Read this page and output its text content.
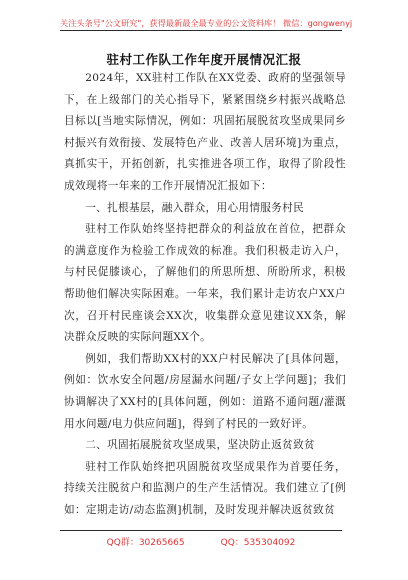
关注头条号"公文研究"，获得最新最全最专业的公文资料库！ 微信：gongwenyj
驻村工作队工作年度开展情况汇报

2024年，XX驻村工作队在XX党委、政府的坚强领导下，在上级部门的关心指导下，紧紧围绕乡村振兴战略总目标以[当地实际情况，例如：巩固拓展脱贫攻坚成果同乡村振兴有效衔接、发展特色产业、改善人居环境]为重点，真抓实干，开拓创新，扎实推进各项工作，取得了阶段性成效现将一年来的工作开展情况汇报如下：

一、扎根基层，融入群众，用心用情服务村民

驻村工作队始终坚持把群众的利益放在首位，把群众的满意度作为检验工作成效的标准。我们积极走访入户，与村民促膝谈心，了解他们的所思所想、所盼所求，积极帮助他们解决实际困难。一年来，我们累计走访农户XX户次，召开村民座谈会XX次，收集群众意见建议XX条，解决群众反映的实际问题XX个。

例如，我们帮助XX村的XX户村民解决了[具体问题，例如：饮水安全问题/房屋漏水问题/子女上学问题]；我们协调解决了XX村的[具体问题，例如：道路不通问题/灌溉用水问题/电力供应问题]，得到了村民的一致好评。

二、巩固拓展脱贫攻坚成果，坚决防止返贫致贫

驻村工作队始终把巩固脱贫攻坚成果作为首要任务，持续关注脱贫户和监测户的生产生活情况。我们建立了[例如：定期走访/动态监测]机制，及时发现并解决返贫致贫

QQ群：30265665	QQ：535304092
